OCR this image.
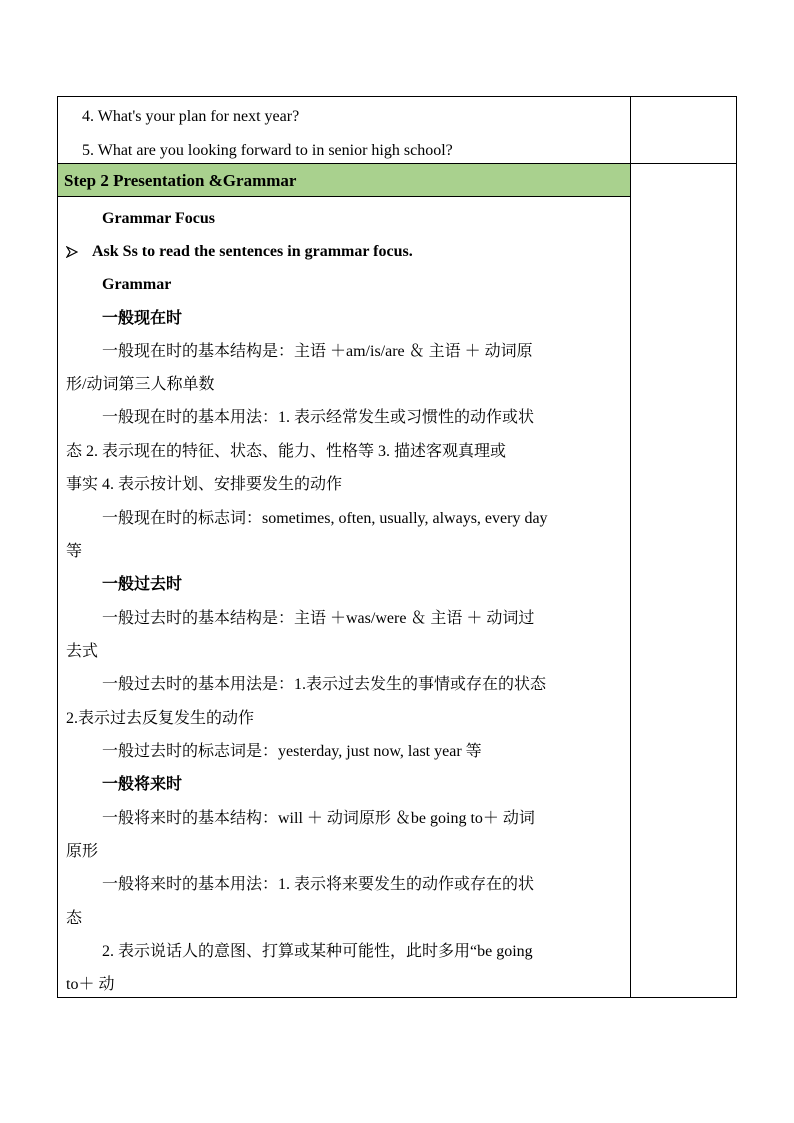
Step 2 Presentation &Grammar
4. What's your plan for next year?
5. What are you looking forward to in senior high school?
Grammar Focus
Ask Ss to read the sentences in grammar focus.
Grammar
一般现在时
一般现在时的基本结构是：主语 ＋am/is/are ＆ 主语 ＋ 动词原
形/动词第三人称单数
一般现在时的基本用法：1. 表示经常发生或习惯性的动作或状
态 2. 表示现在的特征、状态、能力、性格等 3. 描述客观真理或
事实 4. 表示按计划、安排要发生的动作
一般现在时的标志词：sometimes, often, usually, always, every day
等
一般过去时
一般过去时的基本结构是：主语 ＋was/were ＆ 主语 ＋ 动词过
去式
一般过去时的基本用法是：1.表示过去发生的事情或存在的状态
2.表示过去反复发生的动作
一般过去时的标志词是：yesterday, just now, last year 等
一般将来时
一般将来时的基本结构：will ＋ 动词原形 ＆be going to＋ 动词
原形
一般将来时的基本用法：1. 表示将来要发生的动作或存在的状
态
2. 表示说话人的意图、打算或某种可能性，此时多用“be going
to＋ 动
